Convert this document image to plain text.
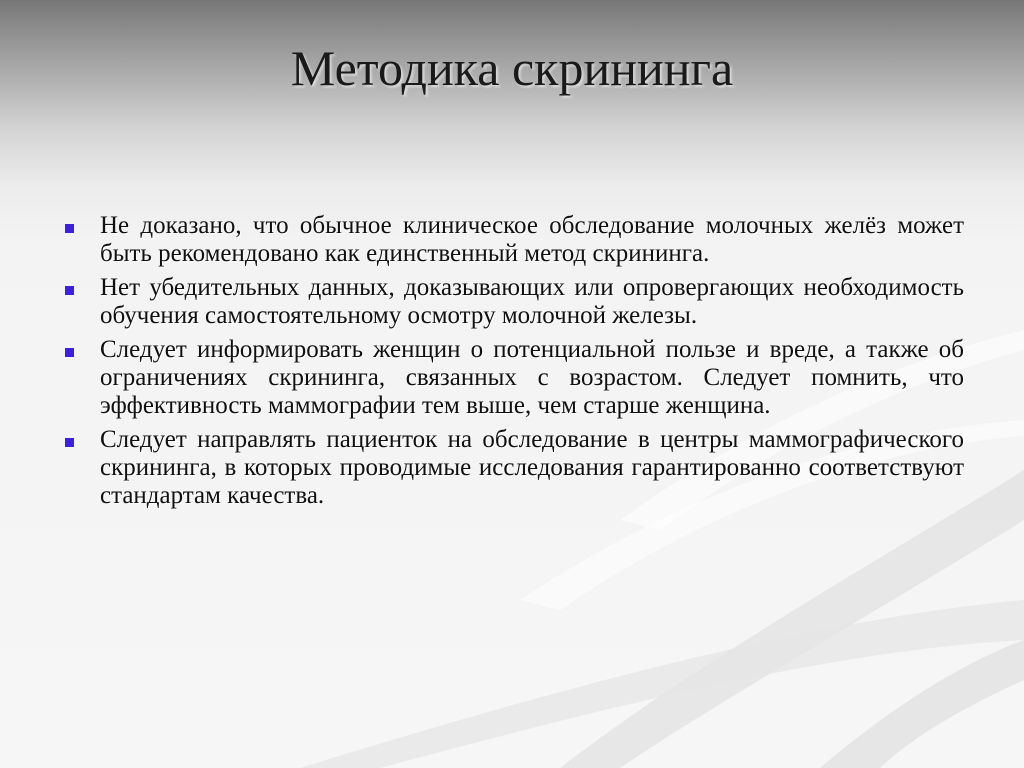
Методика скрининга
Не доказано, что обычное клиническое обследование молочных желёз может быть рекомендовано как единственный метод скрининга.
Нет убедительных данных, доказывающих или опровергающих необходимость обучения самостоятельному осмотру молочной железы.
Следует информировать женщин о потенциальной пользе и вреде, а также об ограничениях скрининга, связанных с возрастом. Следует помнить, что эффективность маммографии тем выше, чем старше женщина.
Следует направлять пациенток на обследование в центры маммографического скрининга, в которых проводимые исследования гарантированно соответствуют стандартам качества.
